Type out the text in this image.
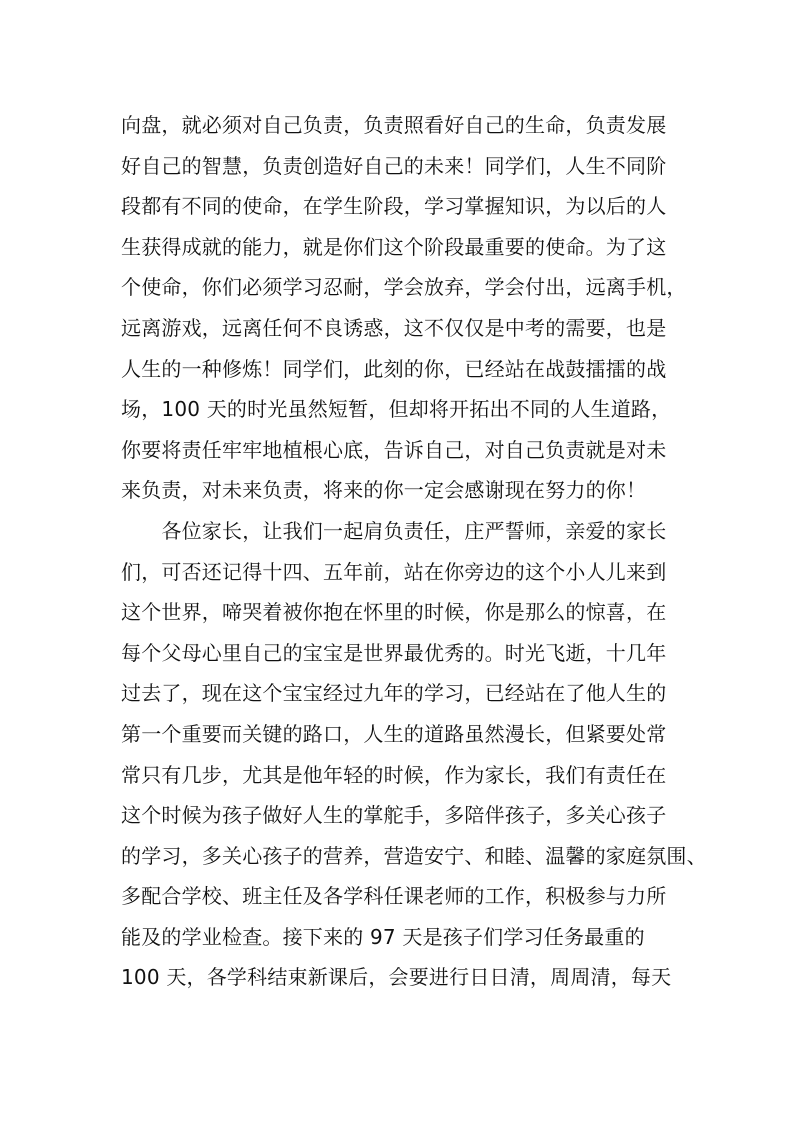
向盘，就必须对自己负责，负责照看好自己的生命，负责发展
好自己的智慧，负责创造好自己的未来！同学们，人生不同阶
段都有不同的使命，在学生阶段，学习掌握知识，为以后的人
生获得成就的能力，就是你们这个阶段最重要的使命。为了这
个使命，你们必须学习忍耐，学会放弃，学会付出，远离手机，
远离游戏，远离任何不良诱惑，这不仅仅是中考的需要，也是
人生的一种修炼！同学们，此刻的你，已经站在战鼓擂擂的战
场，100 天的时光虽然短暂，但却将开拓出不同的人生道路，
你要将责任牢牢地植根心底，告诉自己，对自己负责就是对未
来负责，对未来负责，将来的你一定会感谢现在努力的你！
　　各位家长，让我们一起肩负责任，庄严誓师，亲爱的家长
们，可否还记得十四、五年前，站在你旁边的这个小人儿来到
这个世界，啼哭着被你抱在怀里的时候，你是那么的惊喜，在
每个父母心里自己的宝宝是世界最优秀的。时光飞逝，十几年
过去了，现在这个宝宝经过九年的学习，已经站在了他人生的
第一个重要而关键的路口，人生的道路虽然漫长，但紧要处常
常只有几步，尤其是他年轻的时候，作为家长，我们有责任在
这个时候为孩子做好人生的掌舵手，多陪伴孩子，多关心孩子
的学习，多关心孩子的营养，营造安宁、和睦、温馨的家庭氛围、
多配合学校、班主任及各学科任课老师的工作，积极参与力所
能及的学业检查。接下来的 97 天是孩子们学习任务最重的
100 天，各学科结束新课后，会要进行日日清，周周清，每天
